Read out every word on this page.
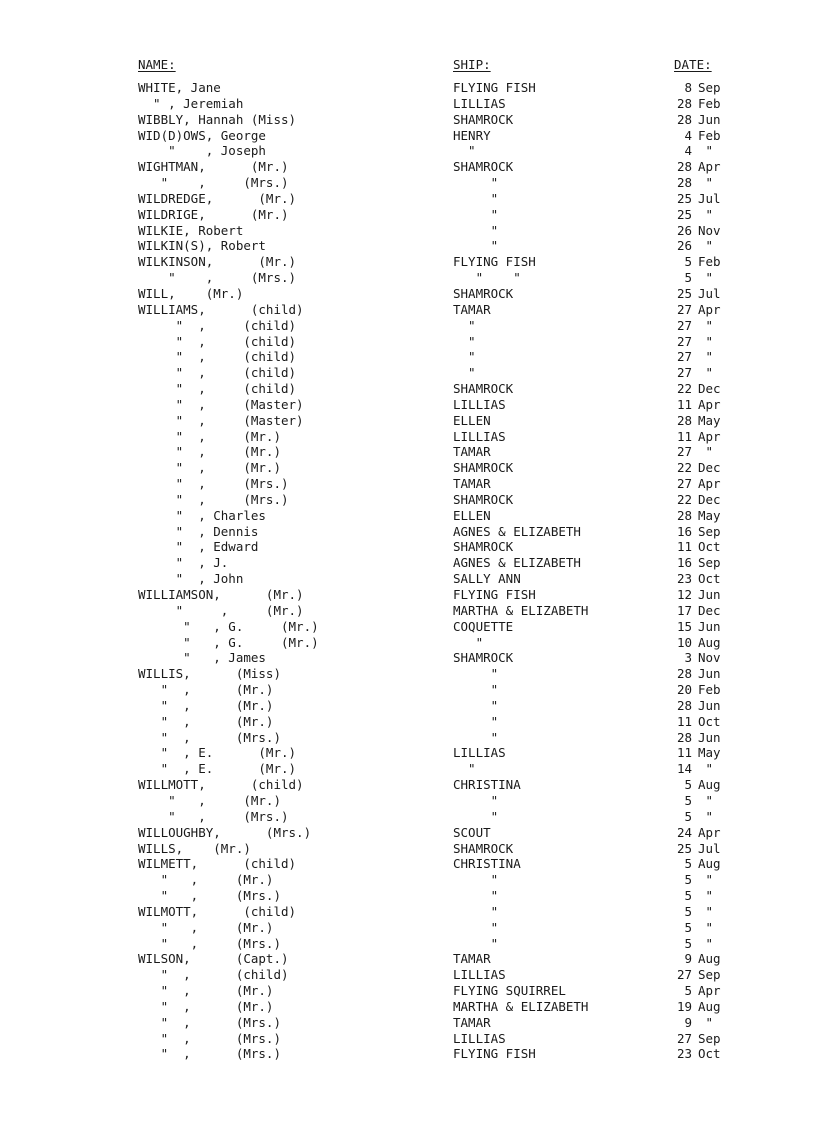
NAME:	SHIP:	DATE:
WHITE, Jane	FLYING FISH	8 Sep
" , Jeremiah	LILLIAS	28 Feb
WIBBLY, Hannah (Miss)	SHAMROCK	28 Jun
WID(D)OWS, George	HENRY	4 Feb
"    , Joseph	"	4 "
WIGHTMAN,      (Mr.)	SHAMROCK	28 Apr
"    ,     (Mrs.)	"	28 "
WILDREDGE,      (Mr.)	"	25 Jul
WILDRIGE,      (Mr.)	"	25 "
WILKIE, Robert	"	26 Nov
WILKIN(S), Robert	"	26 "
WILKINSON,      (Mr.)	FLYING FISH	5 Feb
"    ,     (Mrs.)	"    "	5 "
WILL,    (Mr.)	SHAMROCK	25 Jul
WILLIAMS,      (child)	TAMAR	27 Apr
"  ,     (child)	"	27 "
"  ,     (child)	"	27 "
"  ,     (child)	"	27 "
"  ,     (child)	"	27 "
"  ,     (child)	SHAMROCK	22 Dec
"  ,     (Master)	LILLIAS	11 Apr
"  ,     (Master)	ELLEN	28 May
"  ,     (Mr.)	LILLIAS	11 Apr
"  ,     (Mr.)	TAMAR	27 "
"  ,     (Mr.)	SHAMROCK	22 Dec
"  ,     (Mrs.)	TAMAR	27 Apr
"  ,     (Mrs.)	SHAMROCK	22 Dec
"  , Charles	ELLEN	28 May
"  , Dennis	AGNES & ELIZABETH	16 Sep
"  , Edward	SHAMROCK	11 Oct
"  , J.	AGNES & ELIZABETH	16 Sep
"  , John	SALLY ANN	23 Oct
WILLIAMSON,      (Mr.)	FLYING FISH	12 Jun
"     ,     (Mr.)	MARTHA & ELIZABETH	17 Dec
"   , G.     (Mr.)	COQUETTE	15 Jun
"   , G.     (Mr.)	"	10 Aug
"   , James	SHAMROCK	3 Nov
WILLIS,      (Miss)	"	28 Jun
"  ,      (Mr.)	"	20 Feb
"  ,      (Mr.)	"	28 Jun
"  ,      (Mr.)	"	11 Oct
"  ,      (Mrs.)	"	28 Jun
"  , E.      (Mr.)	LILLIAS	11 May
"  , E.      (Mr.)	"	14 "
WILLMOTT,      (child)	CHRISTINA	5 Aug
"   ,     (Mr.)	"	5 "
"   ,     (Mrs.)	"	5 "
WILLOUGHBY,      (Mrs.)	SCOUT	24 Apr
WILLS,    (Mr.)	SHAMROCK	25 Jul
WILMETT,      (child)	CHRISTINA	5 Aug
"   ,     (Mr.)	"	5 "
"   ,     (Mrs.)	"	5 "
WILMOTT,      (child)	"	5 "
"   ,     (Mr.)	"	5 "
"   ,     (Mrs.)	"	5 "
WILSON,      (Capt.)	TAMAR	9 Aug
"  ,      (child)	LILLIAS	27 Sep
"  ,      (Mr.)	FLYING SQUIRREL	5 Apr
"  ,      (Mr.)	MARTHA & ELIZABETH	19 Aug
"  ,      (Mrs.)	TAMAR	9 "
"  ,      (Mrs.)	LILLIAS	27 Sep
"  ,      (Mrs.)	FLYING FISH	23 Oct
